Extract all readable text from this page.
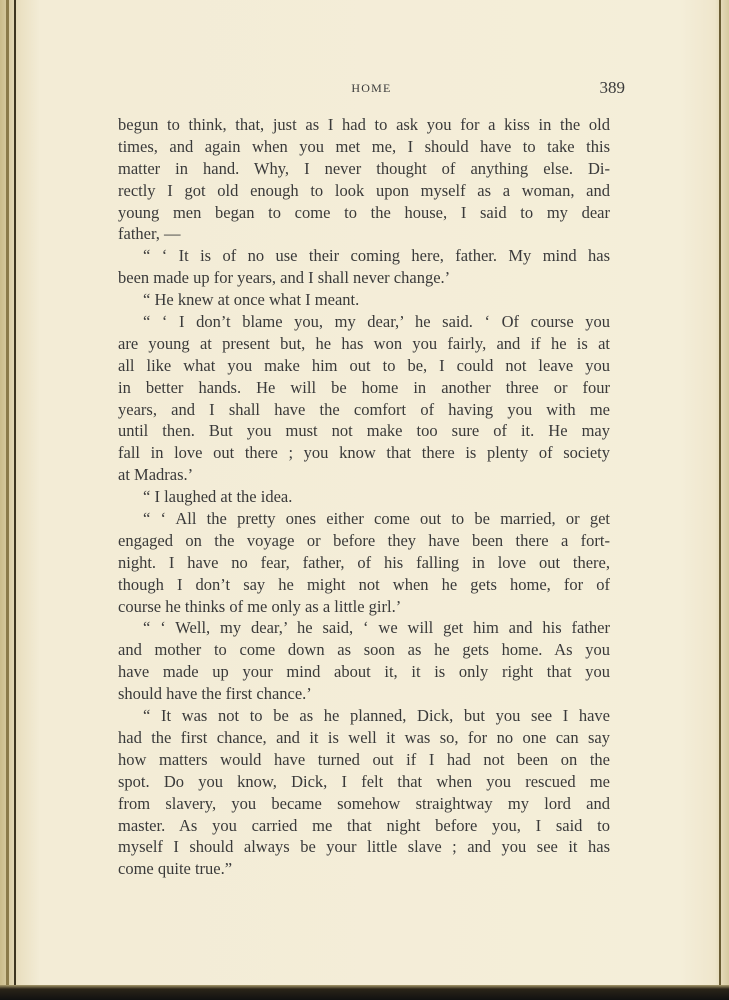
HOME	389
begun to think, that, just as I had to ask you for a kiss in the old
times, and again when you met me, I should have to take this
matter in hand. Why, I never thought of anything else. Di-
rectly I got old enough to look upon myself as a woman, and
young men began to come to the house, I said to my dear
father, —
“ ‘ It is of no use their coming here, father. My mind has
been made up for years, and I shall never change.’
“ He knew at once what I meant.
“ ‘ I don’t blame you, my dear,’ he said. ‘ Of course you
are young at present but, he has won you fairly, and if he is at
all like what you make him out to be, I could not leave you
in better hands. He will be home in another three or four
years, and I shall have the comfort of having you with me
until then. But you must not make too sure of it. He may
fall in love out there ; you know that there is plenty of society
at Madras.’
“ I laughed at the idea.
“ ‘ All the pretty ones either come out to be married, or get
engaged on the voyage or before they have been there a fort-
night. I have no fear, father, of his falling in love out there,
though I don’t say he might not when he gets home, for of
course he thinks of me only as a little girl.’
“ ‘ Well, my dear,’ he said, ‘ we will get him and his father
and mother to come down as soon as he gets home. As you
have made up your mind about it, it is only right that you
should have the first chance.’
“ It was not to be as he planned, Dick, but you see I have
had the first chance, and it is well it was so, for no one can say
how matters would have turned out if I had not been on the
spot. Do you know, Dick, I felt that when you rescued me
from slavery, you became somehow straightway my lord and
master. As you carried me that night before you, I said to
myself I should always be your little slave ; and you see it has
come quite true.”
